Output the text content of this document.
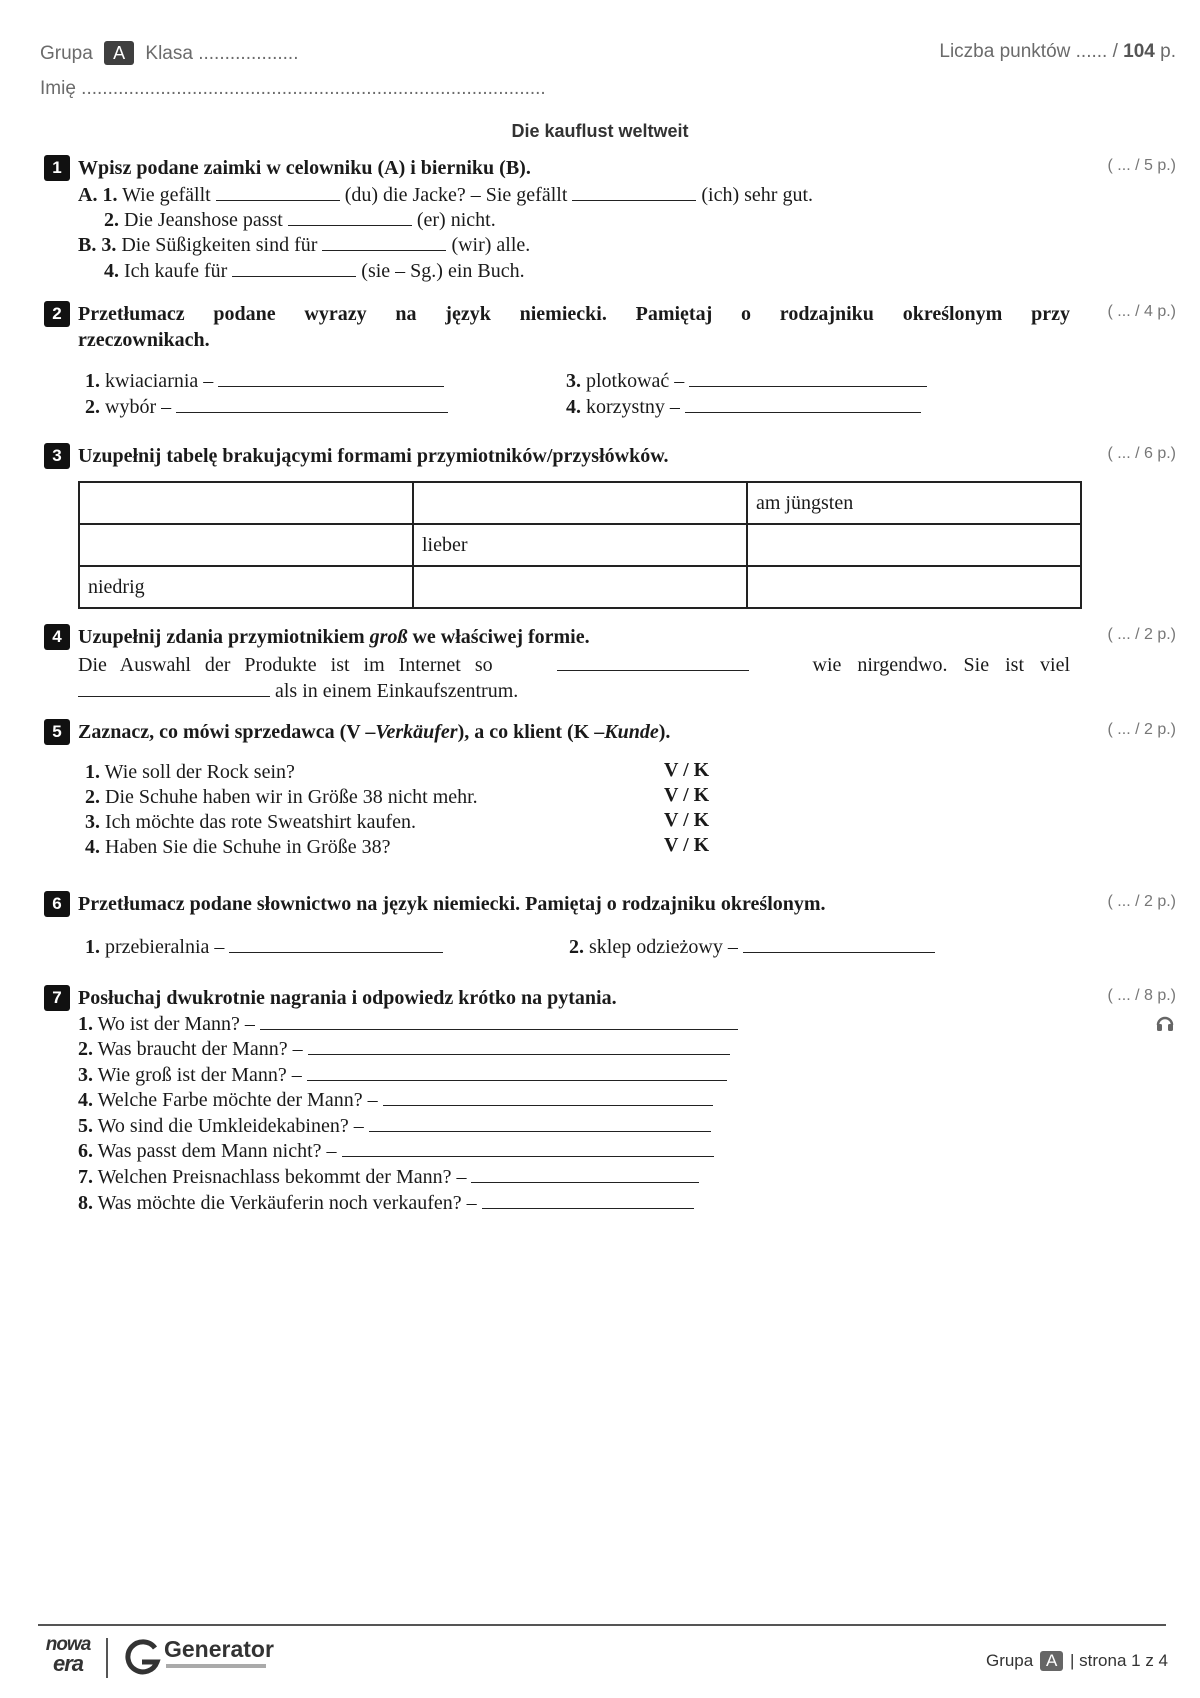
Grupa A Klasa ...................
Imię ........................................................................................
Liczba punktów ...... / 104 p.
Die kauflust weltweit
1 Wpisz podane zaimki w celowniku (A) i bierniku (B).	( ... / 5 p.)
A. 1. Wie gefällt	(du) die Jacke? – Sie gefällt	(ich) sehr gut.
2. Die Jeanshose passt	(er) nicht.
B. 3. Die Süßigkeiten sind für	(wir) alle.
4. Ich kaufe für	(sie – Sg.) ein Buch.
2 Przetłumacz podane wyrazy na język niemiecki. Pamiętaj o rodzajniku określonym przy
rzeczownikach.
( ... / 4 p.)
1. kwiaciarnia –
2. wybór –
3. plotkować –
4. korzystny –
3 Uzupełnij tabelę brakującymi formami przymiotników/przysłówków.	( ... / 6 p.)
		am jüngsten
	lieber	
niedrig		
4 Uzupełnij zdania przymiotnikiem groß we właściwej formie.	( ... / 2 p.)
Die Auswahl der Produkte ist im Internet so	wie nirgendwo. Sie ist viel
als in einem Einkaufszentrum.
5 Zaznacz, co mówi sprzedawca (V –Verkäufer), a co klient (K –Kunde).	( ... / 2 p.)
1. Wie soll der Rock sein?	V / K
2. Die Schuhe haben wir in Größe 38 nicht mehr.	V / K
3. Ich möchte das rote Sweatshirt kaufen.	V / K
4. Haben Sie die Schuhe in Größe 38?	V / K
6 Przetłumacz podane słownictwo na język niemiecki. Pamiętaj o rodzajniku określonym.	( ... / 2 p.)
1. przebieralnia –	2. sklep odzieżowy –
7 Posłuchaj dwukrotnie nagrania i odpowiedz krótko na pytania.	( ... / 8 p.)
1. Wo ist der Mann? –
2. Was braucht der Mann? –
3. Wie groß ist der Mann? –
4. Welche Farbe möchte der Mann? –
5. Wo sind die Umkleidekabinen? –
6. Was passt dem Mann nicht? –
7. Welchen Preisnachlass bekommt der Mann? –
8. Was möchte die Verkäuferin noch verkaufen? –
nowa
era
Generator	Grupa A | strona 1 z 4
